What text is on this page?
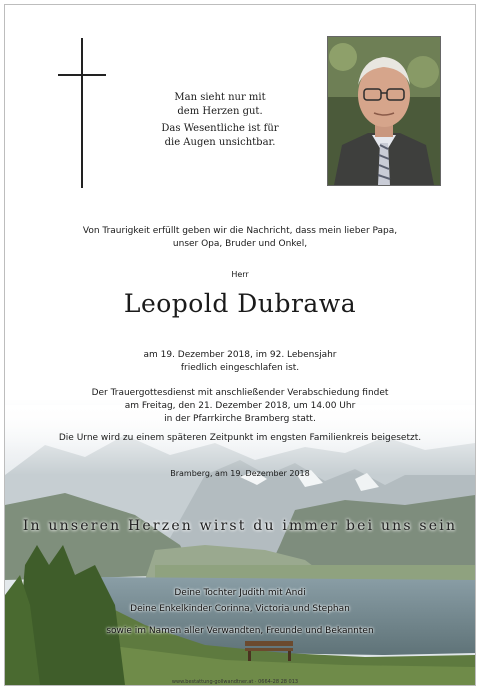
Man sieht nur mit
dem Herzen gut.
Das Wesentliche ist für
die Augen unsichtbar.
Von Traurigkeit erfüllt geben wir die Nachricht, dass mein lieber Papa,
unser Opa, Bruder und Onkel,
Herr
Leopold Dubrawa
am 19. Dezember 2018, im 92. Lebensjahr
friedlich eingeschlafen ist.
Der Trauergottesdienst mit anschließender Verabschiedung findet
am Freitag, den 21. Dezember 2018, um 14.00 Uhr
in der Pfarrkirche Bramberg statt.
Die Urne wird zu einem späteren Zeitpunkt im engsten Familienkreis beigesetzt.
Bramberg, am 19. Dezember 2018
In unseren Herzen wirst du immer bei uns sein
Deine Tochter Judith mit Andi
Deine Enkelkinder Corinna, Victoria und Stephan
sowie im Namen aller Verwandten, Freunde und Bekannten
www.bestattung-gollwandtner.at · 0664-28 28 013
